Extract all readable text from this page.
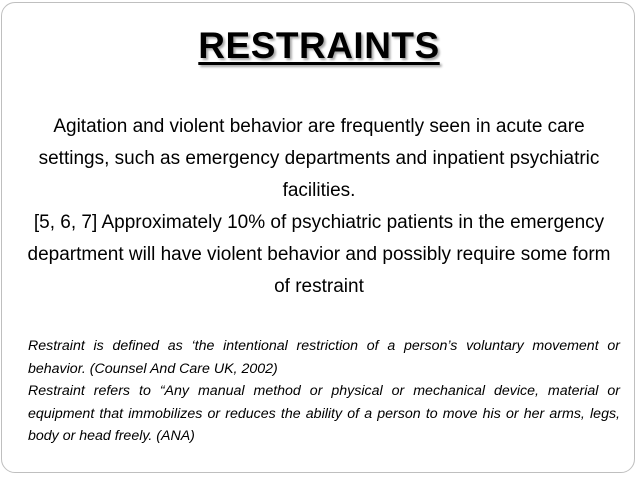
RESTRAINTS

Agitation and violent behavior are frequently seen in acute care settings, such as emergency departments and inpatient psychiatric facilities.

[5, 6, 7] Approximately 10% of psychiatric patients in the emergency department will have violent behavior and possibly require some form of restraint

Restraint is defined as ‘the intentional restriction of a person’s voluntary movement or behavior. (Counsel And Care UK, 2002)

Restraint refers to “Any manual method or physical or mechanical device, material or equipment that immobilizes or reduces the ability of a person to move his or her arms, legs, body or head freely. (ANA)
